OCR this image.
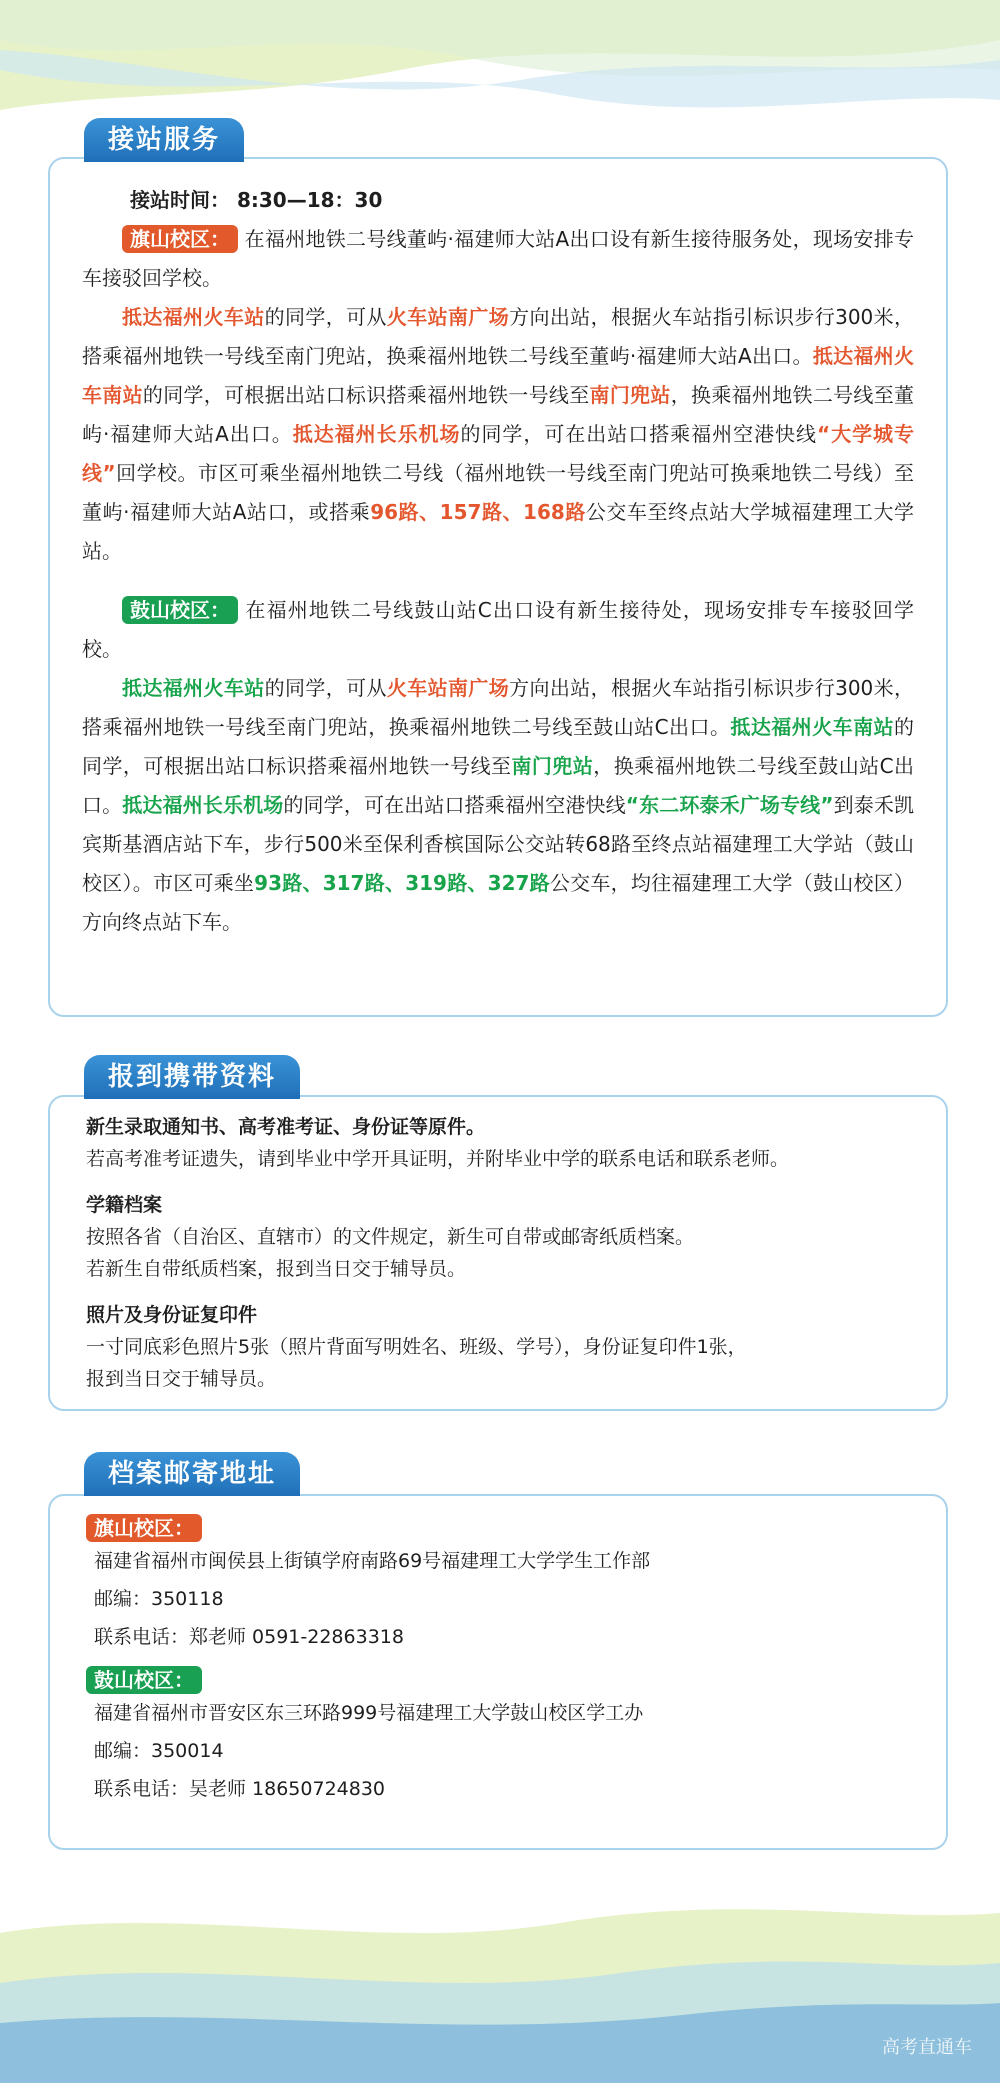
接站服务

接站时间： 8:30—18：30

旗山校区： 在福州地铁二号线董屿·福建师大站A出口设有新生接待服务处，现场安排专车接驳回学校。

抵达福州火车站的同学，可从火车站南广场方向出站，根据火车站指引标识步行300米，搭乘福州地铁一号线至南门兜站，换乘福州地铁二号线至董屿·福建师大站A出口。抵达福州火车南站的同学，可根据出站口标识搭乘福州地铁一号线至南门兜站，换乘福州地铁二号线至董屿·福建师大站A出口。抵达福州长乐机场的同学，可在出站口搭乘福州空港快线“大学城专线”回学校。市区可乘坐福州地铁二号线（福州地铁一号线至南门兜站可换乘地铁二号线）至董屿·福建师大站A站口，或搭乘96路、157路、168路公交车至终点站大学城福建理工大学站。

鼓山校区： 在福州地铁二号线鼓山站C出口设有新生接待处，现场安排专车接驳回学校。

抵达福州火车站的同学，可从火车站南广场方向出站，根据火车站指引标识步行300米，搭乘福州地铁一号线至南门兜站，换乘福州地铁二号线至鼓山站C出口。抵达福州火车南站的同学，可根据出站口标识搭乘福州地铁一号线至南门兜站，换乘福州地铁二号线至鼓山站C出口。抵达福州长乐机场的同学，可在出站口搭乘福州空港快线“东二环泰禾广场专线”到泰禾凯宾斯基酒店站下车，步行500米至保利香槟国际公交站转68路至终点站福建理工大学站（鼓山校区）。市区可乘坐93路、317路、319路、327路公交车，均往福建理工大学（鼓山校区）方向终点站下车。

报到携带资料

新生录取通知书、高考准考证、身份证等原件。

若高考准考证遗失，请到毕业中学开具证明，并附毕业中学的联系电话和联系老师。

学籍档案

按照各省（自治区、直辖市）的文件规定，新生可自带或邮寄纸质档案。

若新生自带纸质档案，报到当日交于辅导员。

照片及身份证复印件

一寸同底彩色照片5张（照片背面写明姓名、班级、学号），身份证复印件1张，

报到当日交于辅导员。

档案邮寄地址
旗山校区：

福建省福州市闽侯县上街镇学府南路69号福建理工大学学生工作部

邮编：350118

联系电话：郑老师 0591-22863318

鼓山校区：

福建省福州市晋安区东三环路999号福建理工大学鼓山校区学工办

邮编：350014

联系电话：吴老师 18650724830

高考直通车
